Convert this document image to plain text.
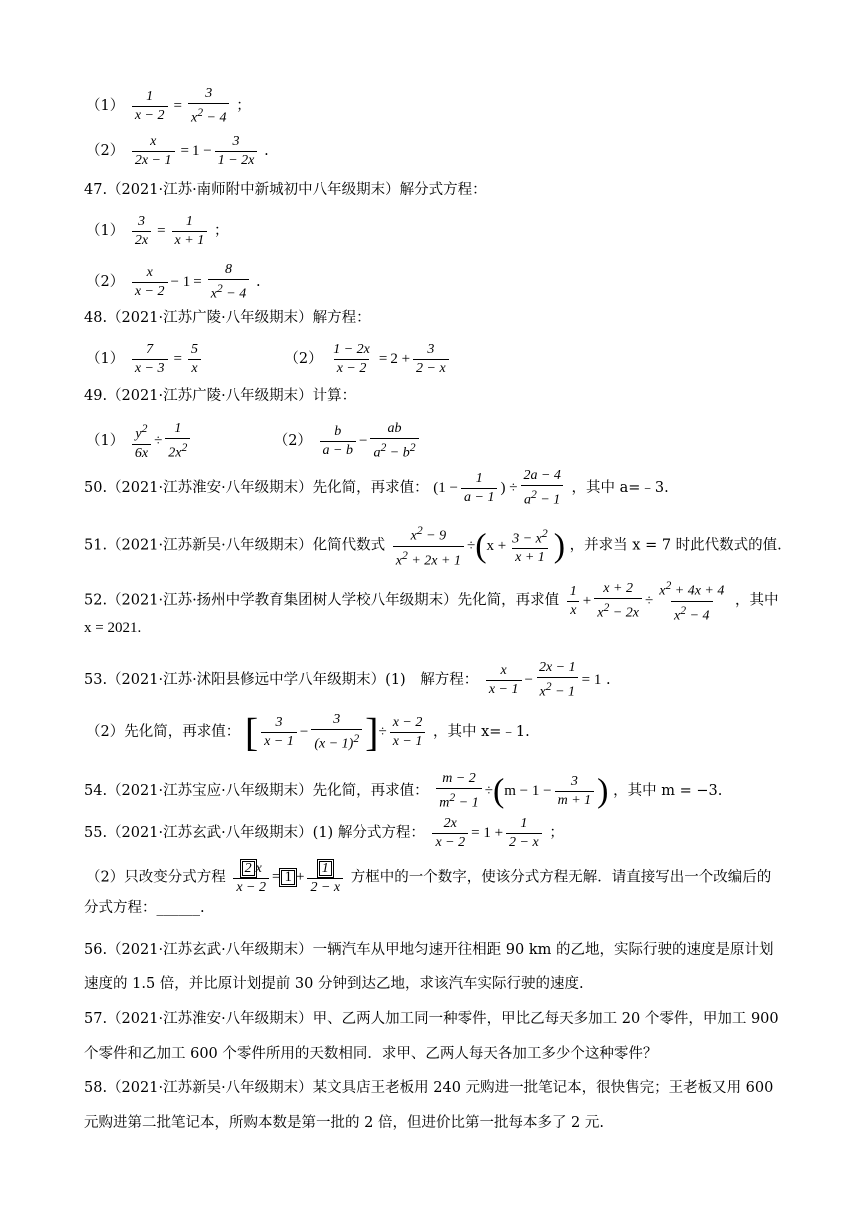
$(1) \frac{1}{x - 2} = \frac{3}{x^2 - 4}$ ；
$(2) \frac{x}{2x - 1} = 1 - \frac{3}{1 - 2x}$ .
47.（2021·江苏·南师附中新城初中八年级期末）解分式方程：
$(1) \frac{3}{2x} = \frac{1}{x + 1}$ ；
$(2) \frac{x}{x - 2} - 1 = \frac{8}{x^2 - 4}$ .
48.（2021·江苏广陵·八年级期末）解方程：
$(1) \frac{7}{x - 3} = \frac{5}{x}$	$(2) \frac{1 - 2x}{x - 2} = 2 + \frac{3}{2 - x}$
49.（2021·江苏广陵·八年级期末）计算：
$(1) \frac{y^2}{6x} \div \frac{1}{2x^2}$	$(2) \frac{b}{a - b} - \frac{ab}{a^2 - b^2}$
50.（2021·江苏淮安·八年级期末）先化简，再求值： ($1 - \frac{1}{a - 1}$ ) ÷ $\frac{2a - 4}{a^2 - 1}$ ，其中 a=﹣3.
51.（2021·江苏新吴·八年级期末）化简代数式 $\frac{x^2 - 9}{x^2 + 2x + 1} \div(x + \frac{3 - x^2}{x + 1}$ ) ，并求当 x = 7 时此代数式的值.
52.（2021·江苏·扬州中学教育集团树人学校八年级期末）先化简，再求值 $\frac{1}{x} + \frac{x + 2}{x^2 - 2x} \div \frac{x^2 + 4x + 4}{x^2 - 4}$ ，其中
x = 2021.
53.（2021·江苏·沭阳县修远中学八年级期末）(1)　解方程： $\frac{x}{x - 1} - \frac{2x - 1}{x^2 - 1} = 1$ .
（2）先化简，再求值： [ $\frac{3}{x - 1} - \frac{3}{(x - 1)^2}$ ]÷ $\frac{x - 2}{x - 1}$ ，其中 x=﹣1.
54.（2021·江苏宝应·八年级期末）先化简，再求值： $\frac{m - 2}{m^2 - 1} \div(m - 1 - \frac{3}{m + 1}$ ) ，其中 m = −3.
55.（2021·江苏玄武·八年级期末）(1) 解分式方程： $\frac{2x}{x - 2} = 1 + \frac{1}{2 - x}$ ；
（2）只改变分式方程 $\frac{2 x}{x - 2} = 1 + \frac{1}{2 - x}$ 方框中的一个数字，使该分式方程无解．请直接写出一个改编后的
分式方程：______.
56.（2021·江苏玄武·八年级期末）一辆汽车从甲地匀速开往相距 90 km 的乙地，实际行驶的速度是原计划
速度的 1.5 倍，并比原计划提前 30 分钟到达乙地，求该汽车实际行驶的速度.
57.（2021·江苏淮安·八年级期末）甲、乙两人加工同一种零件，甲比乙每天多加工 20 个零件，甲加工 900
个零件和乙加工 600 个零件所用的天数相同．求甲、乙两人每天各加工多少个这种零件？
58.（2021·江苏新吴·八年级期末）某文具店王老板用 240 元购进一批笔记本，很快售完；王老板又用 600
元购进第二批笔记本，所购本数是第一批的 2 倍，但进价比第一批每本多了 2 元.
